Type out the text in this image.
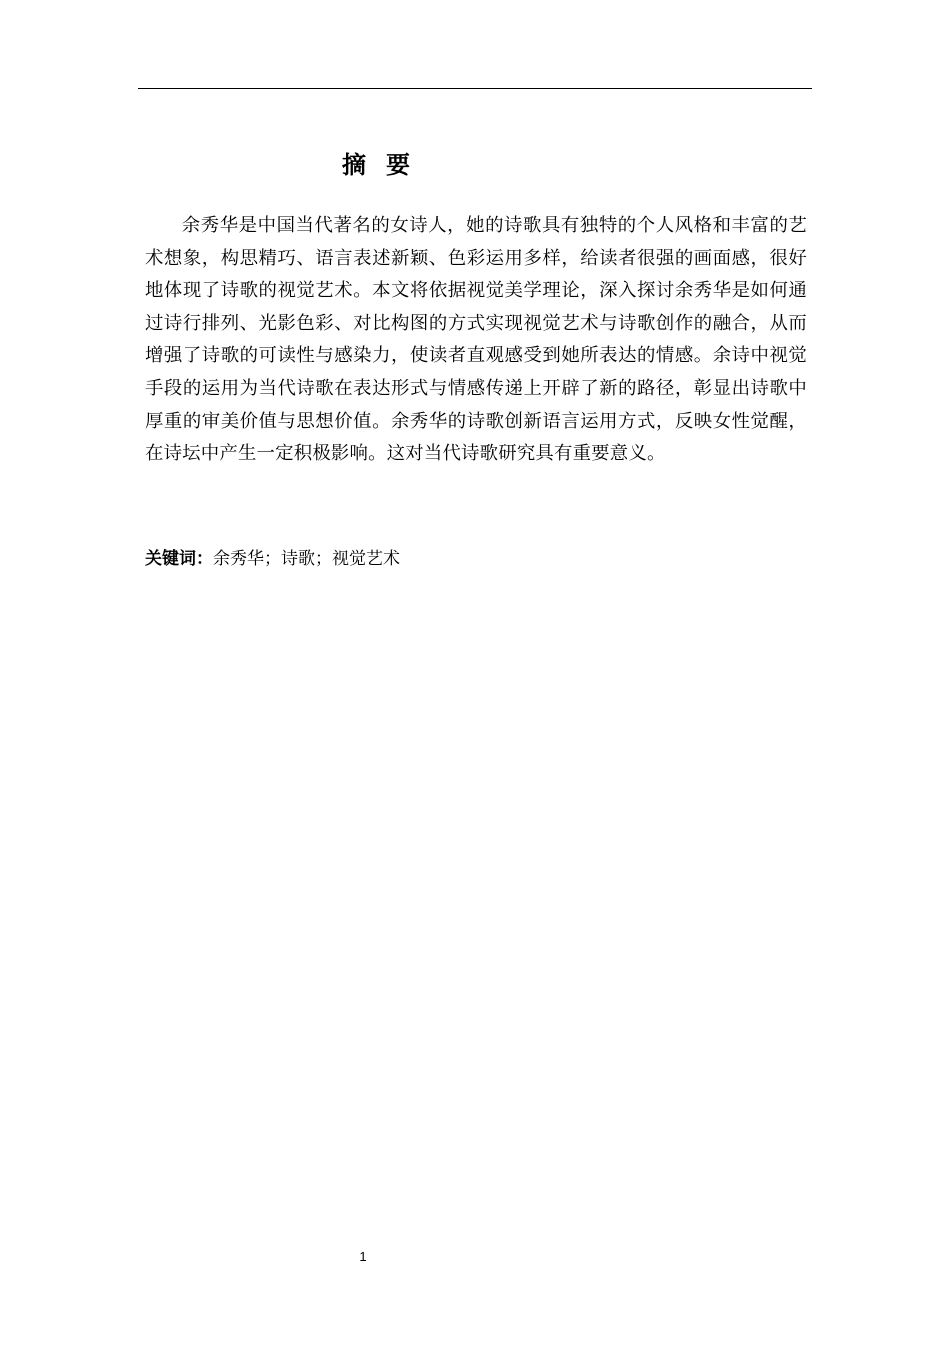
摘要

余秀华是中国当代著名的女诗人，她的诗歌具有独特的个人风格和丰富的艺术想象，构思精巧、语言表述新颖、色彩运用多样，给读者很强的画面感，很好地体现了诗歌的视觉艺术。本文将依据视觉美学理论，深入探讨余秀华是如何通过诗行排列、光影色彩、对比构图的方式实现视觉艺术与诗歌创作的融合，从而增强了诗歌的可读性与感染力，使读者直观感受到她所表达的情感。余诗中视觉手段的运用为当代诗歌在表达形式与情感传递上开辟了新的路径，彰显出诗歌中厚重的审美价值与思想价值。余秀华的诗歌创新语言运用方式，反映女性觉醒，在诗坛中产生一定积极影响。这对当代诗歌研究具有重要意义。

关键词：余秀华；诗歌；视觉艺术
1
